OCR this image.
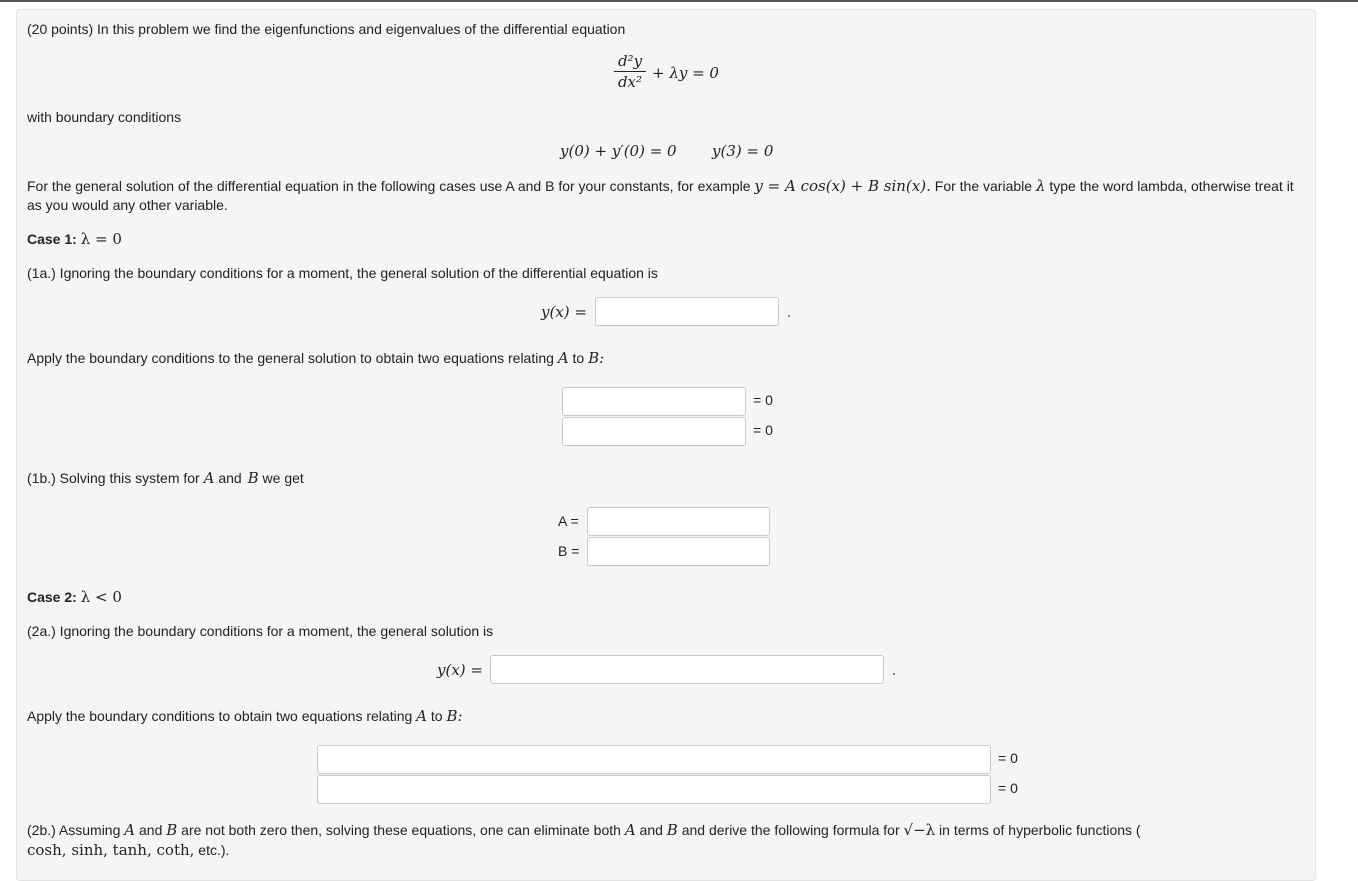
(20 points) In this problem we find the eigenfunctions and eigenvalues of the differential equation
d²y
dx² + λy = 0
with boundary conditions
y(0) + y′(0) = 0 y(3) = 0
For the general solution of the differential equation in the following cases use A and B for your constants, for example y = A cos(x) + B sin(x). For the variable λ type the word lambda, otherwise treat it
as you would any other variable.
Case 1: λ = 0
(1a.) Ignoring the boundary conditions for a moment, the general solution of the differential equation is
y(x) =
Apply the boundary conditions to the general solution to obtain two equations relating A to B:
= 0
= 0
(1b.) Solving this system for A and B we get
A =
B =
Case 2: λ < 0
(2a.) Ignoring the boundary conditions for a moment, the general solution is
y(x) =
Apply the boundary conditions to obtain two equations relating A to B:
= 0
= 0
(2b.) Assuming A and B are not both zero then, solving these equations, one can eliminate both A and B and derive the following formula for √−λ in terms of hyperbolic functions (
cosh, sinh, tanh, coth, etc.).
